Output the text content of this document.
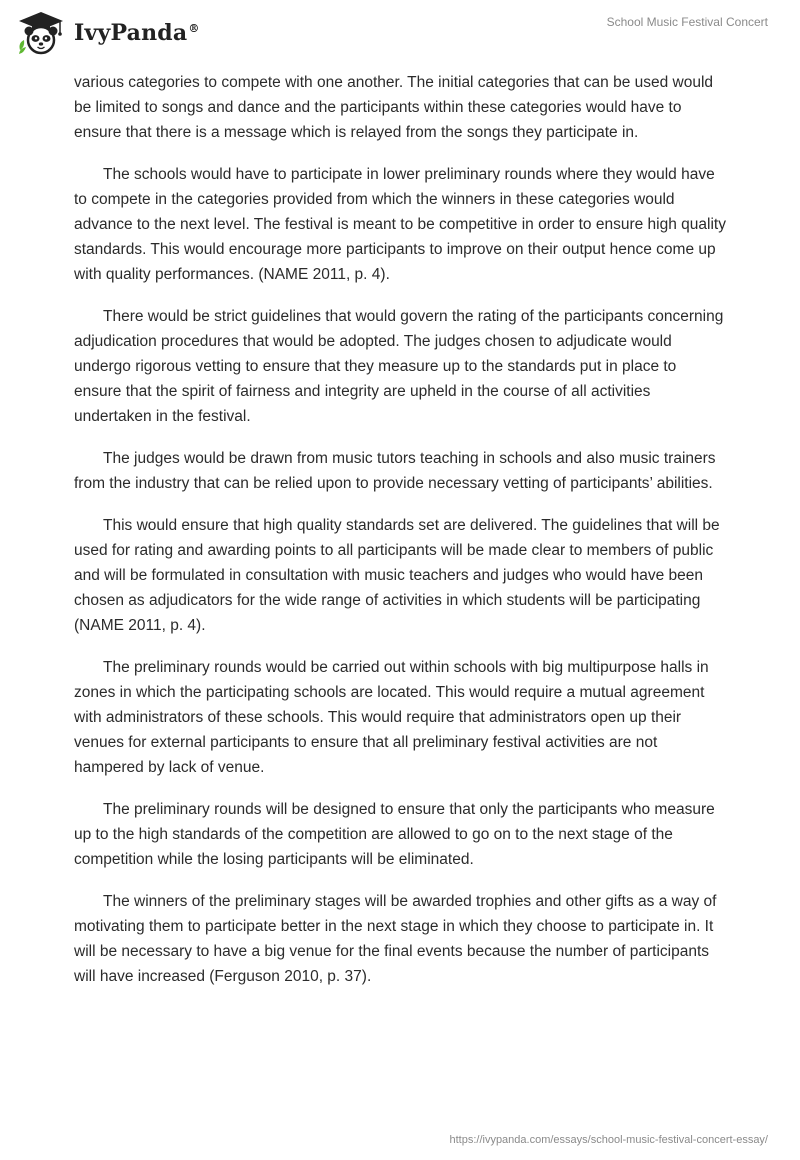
IvyPanda®	School Music Festival Concert

various categories to compete with one another. The initial categories that can be used would be limited to songs and dance and the participants within these categories would have to ensure that there is a message which is relayed from the songs they participate in.

The schools would have to participate in lower preliminary rounds where they would have to compete in the categories provided from which the winners in these categories would advance to the next level. The festival is meant to be competitive in order to ensure high quality standards. This would encourage more participants to improve on their output hence come up with quality performances. (NAME 2011, p. 4).

There would be strict guidelines that would govern the rating of the participants concerning adjudication procedures that would be adopted. The judges chosen to adjudicate would undergo rigorous vetting to ensure that they measure up to the standards put in place to ensure that the spirit of fairness and integrity are upheld in the course of all activities undertaken in the festival.

The judges would be drawn from music tutors teaching in schools and also music trainers from the industry that can be relied upon to provide necessary vetting of participants’ abilities.

This would ensure that high quality standards set are delivered. The guidelines that will be used for rating and awarding points to all participants will be made clear to members of public and will be formulated in consultation with music teachers and judges who would have been chosen as adjudicators for the wide range of activities in which students will be participating (NAME 2011, p. 4).

The preliminary rounds would be carried out within schools with big multipurpose halls in zones in which the participating schools are located. This would require a mutual agreement with administrators of these schools. This would require that administrators open up their venues for external participants to ensure that all preliminary festival activities are not hampered by lack of venue.

The preliminary rounds will be designed to ensure that only the participants who measure up to the high standards of the competition are allowed to go on to the next stage of the competition while the losing participants will be eliminated.

The winners of the preliminary stages will be awarded trophies and other gifts as a way of motivating them to participate better in the next stage in which they choose to participate in. It will be necessary to have a big venue for the final events because the number of participants will have increased (Ferguson 2010, p. 37).

https://ivypanda.com/essays/school-music-festival-concert-essay/
